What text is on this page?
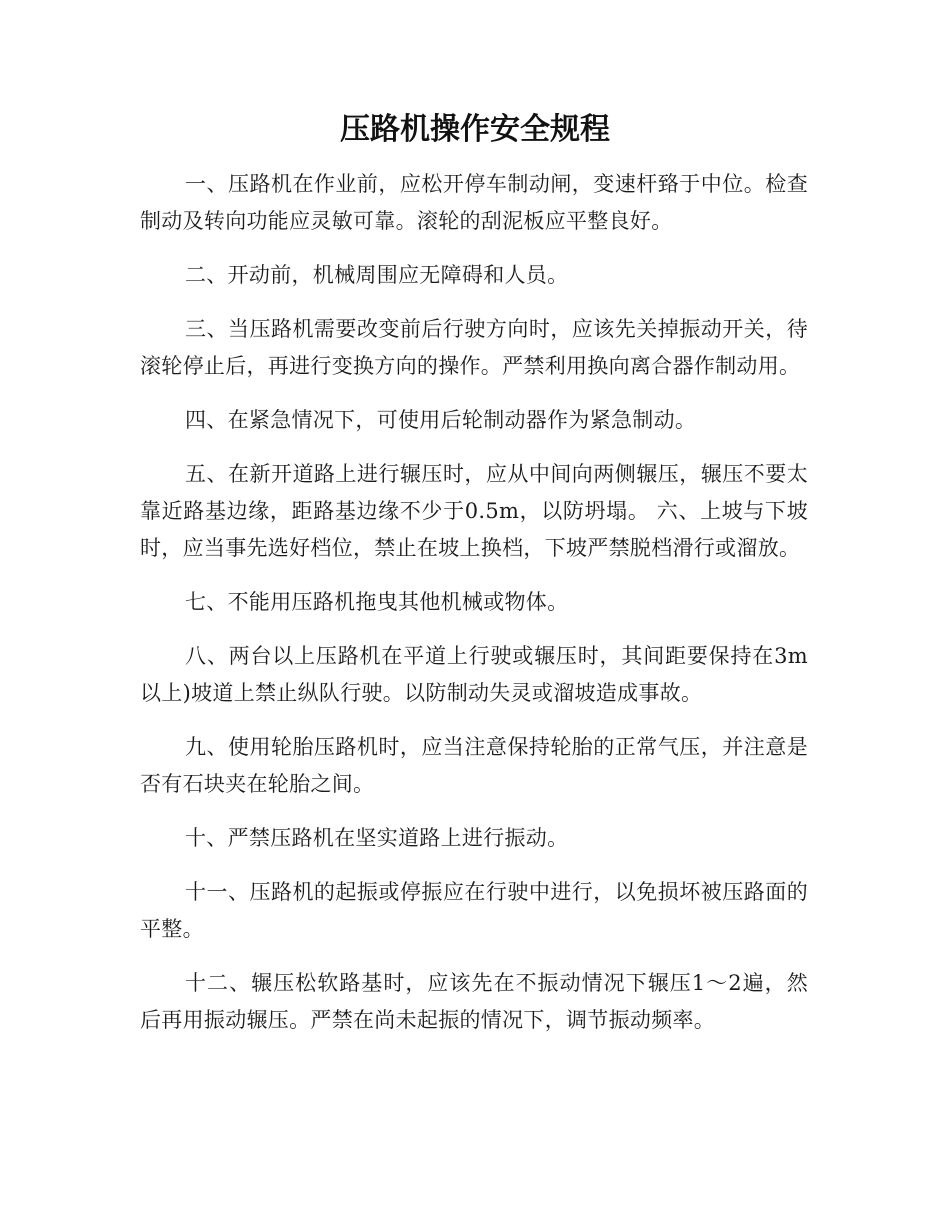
压路机操作安全规程

一、压路机在作业前，应松开停车制动闸，变速杆臵于中位。检查制动及转向功能应灵敏可靠。滚轮的刮泥板应平整良好。

二、开动前，机械周围应无障碍和人员。

三、当压路机需要改变前后行驶方向时，应该先关掉振动开关，待滚轮停止后，再进行变换方向的操作。严禁利用换向离合器作制动用。

四、在紧急情况下，可使用后轮制动器作为紧急制动。

五、在新开道路上进行辗压时，应从中间向两侧辗压，辗压不要太靠近路基边缘，距路基边缘不少于0.5m，以防坍塌。 六、上坡与下坡时，应当事先选好档位，禁止在坡上换档，下坡严禁脱档滑行或溜放。

七、不能用压路机拖曳其他机械或物体。

八、两台以上压路机在平道上行驶或辗压时，其间距要保持在3m以上)坡道上禁止纵队行驶。以防制动失灵或溜坡造成事故。

九、使用轮胎压路机时，应当注意保持轮胎的正常气压，并注意是否有石块夹在轮胎之间。

十、严禁压路机在坚实道路上进行振动。

十一、压路机的起振或停振应在行驶中进行，以免损坏被压路面的平整。

十二、辗压松软路基时，应该先在不振动情况下辗压1～2遍，然后再用振动辗压。严禁在尚未起振的情况下，调节振动频率。
